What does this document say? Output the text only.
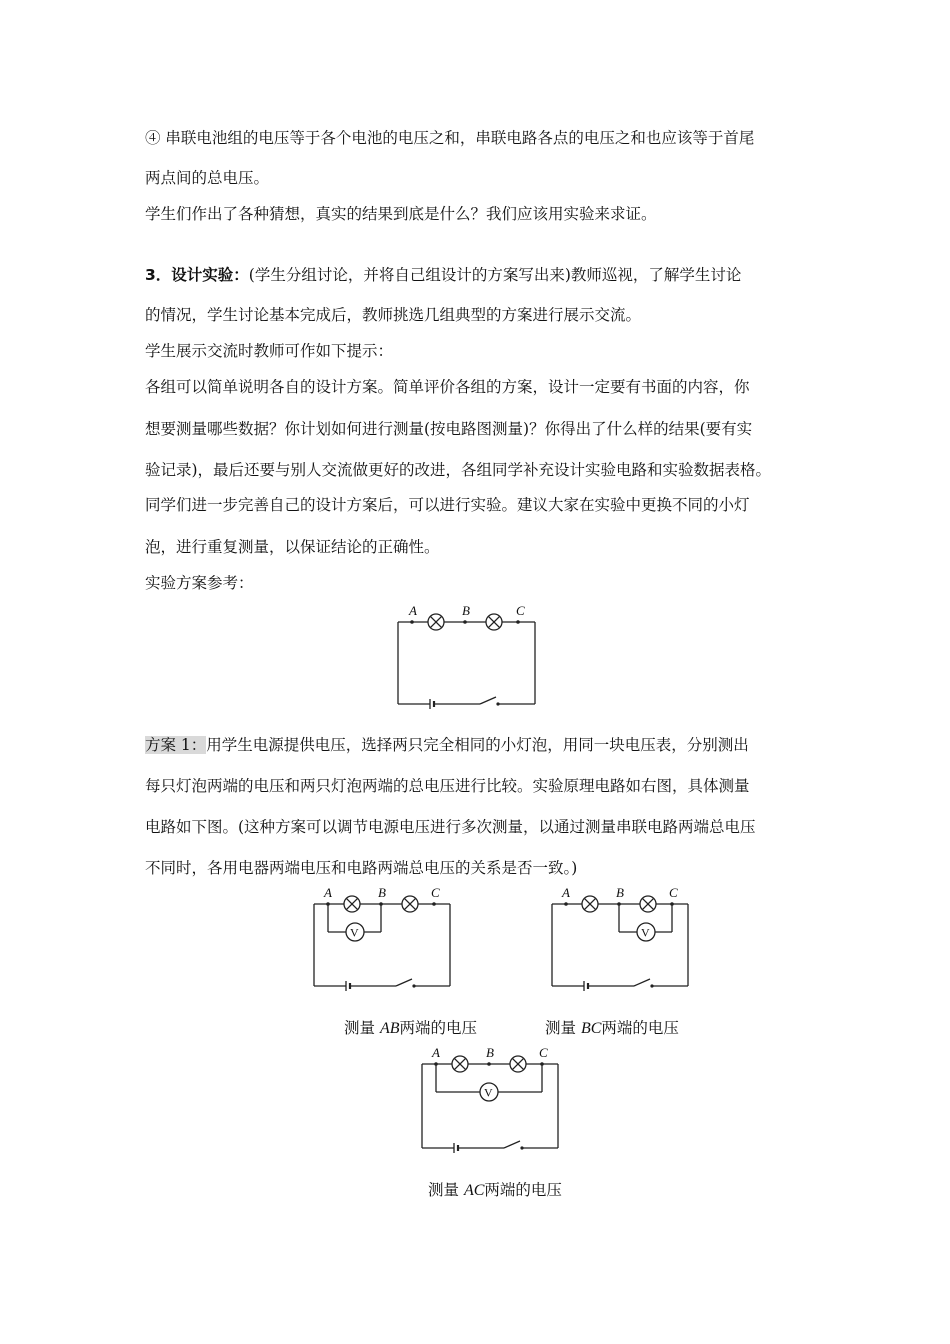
④ 串联电池组的电压等于各个电池的电压之和，串联电路各点的电压之和也应该等于首尾
两点间的总电压。
学生们作出了各种猜想，真实的结果到底是什么？我们应该用实验来求证。
3．设计实验：(学生分组讨论，并将自己组设计的方案写出来)教师巡视，了解学生讨论
的情况，学生讨论基本完成后，教师挑选几组典型的方案进行展示交流。
学生展示交流时教师可作如下提示：
各组可以简单说明各自的设计方案。简单评价各组的方案，设计一定要有书面的内容，你
想要测量哪些数据？你计划如何进行测量(按电路图测量)？你得出了什么样的结果(要有实
验记录)，最后还要与别人交流做更好的改进，各组同学补充设计实验电路和实验数据表格。
同学们进一步完善自己的设计方案后，可以进行实验。建议大家在实验中更换不同的小灯
泡，进行重复测量，以保证结论的正确性。
实验方案参考：
A	B	C
方案 1：用学生电源提供电压，选择两只完全相同的小灯泡，用同一块电压表，分别测出
每只灯泡两端的电压和两只灯泡两端的总电压进行比较。实验原理电路如右图，具体测量
电路如下图。(这种方案可以调节电源电压进行多次测量，以通过测量串联电路两端总电压
不同时，各用电器两端电压和电路两端总电压的关系是否一致。)
V
A	B	C
V
A	B	C
测量 AB两端的电压	测量 BC两端的电压
V
A	B	C
测量 AC两端的电压
